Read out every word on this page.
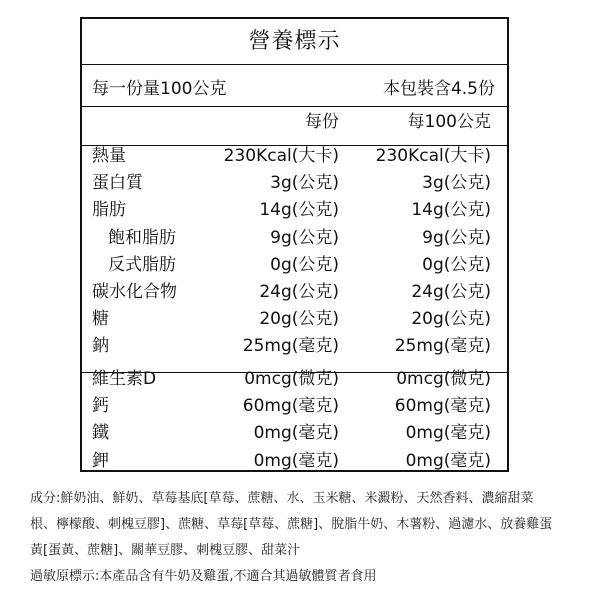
營養標示
每一份量100公克	本包裝含4.5份
每份	每100公克
熱量	230Kcal(大卡) 230Kcal(大卡)
蛋白質	3g(公克)	3g(公克)
脂肪	14g(公克)	14g(公克)
飽和脂肪	9g(公克)	9g(公克)
反式脂肪	0g(公克)	0g(公克)
碳水化合物	24g(公克)	24g(公克)
糖	20g(公克)	20g(公克)
鈉	25mg(毫克)	25mg(毫克)
維生素D	0mcg(微克)	0mcg(微克)
鈣	60mg(毫克)	60mg(毫克)
鐵	0mg(毫克)	0mg(毫克)
鉀	0mg(毫克)	0mg(毫克)

成分:鮮奶油、鮮奶、草莓基底[草莓、蔗糖、水、玉米糖、米澱粉、天然香料、濃縮甜菜

根、檸檬酸、刺槐豆膠]、蔗糖、草莓[草莓、蔗糖]、脫脂牛奶、木薯粉、過濾水、放養雞蛋

黃[蛋黃、蔗糖]、關華豆膠、刺槐豆膠、甜菜汁

過敏原標示:本產品含有牛奶及雞蛋,不適合其過敏體質者食用
